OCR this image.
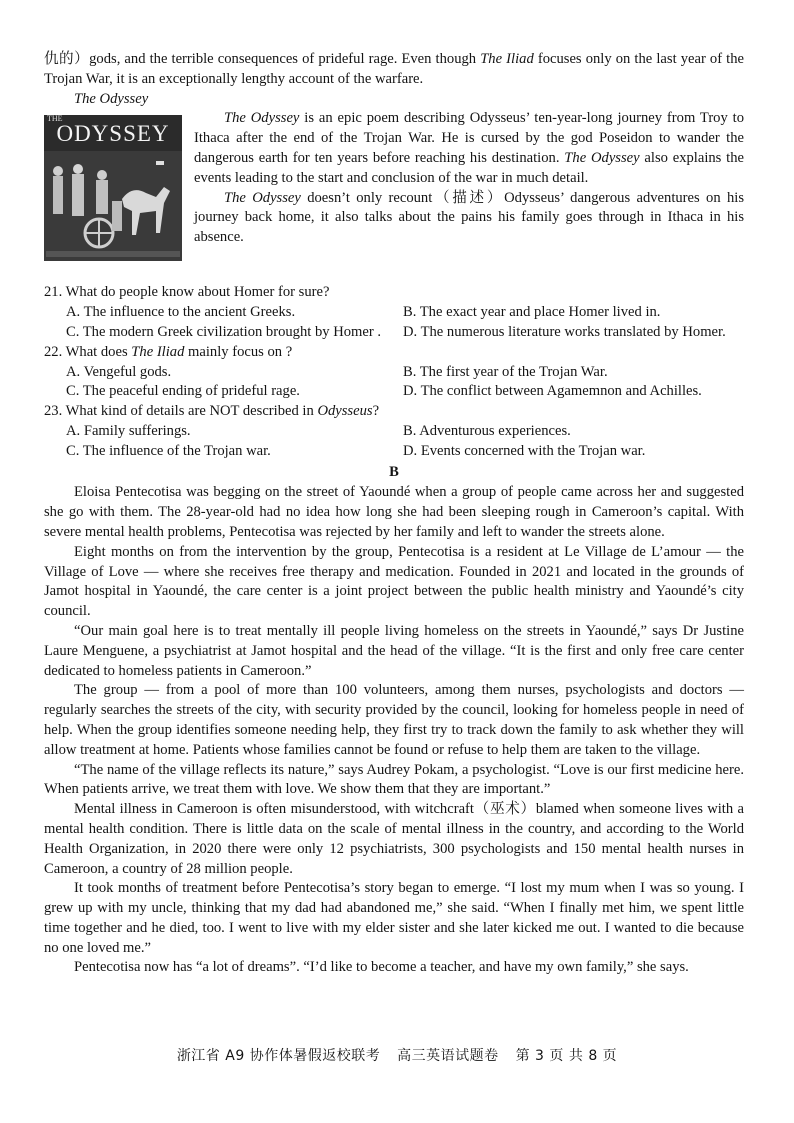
仇的）gods, and the terrible consequences of prideful rage. Even though The Iliad focuses only on the last year of the Trojan War, it is an exceptionally lengthy account of the warfare.

The Odyssey

ODYSSEY
THE	The Odyssey is an epic poem describing Odysseus’ ten-year-long journey from Troy to Ithaca after the end of the Trojan War. He is cursed by the god Poseidon to wander the dangerous earth for ten years before reaching his destination. The Odyssey also explains the events leading to the start and conclusion of the war in much detail.

The Odyssey doesn’t only recount（描述）Odysseus’ dangerous adventures on his journey back home, it also talks about the pains his family goes through in Ithaca in his absence.

21. What do people know about Homer for sure?

A. The influence to the ancient Greeks.	B. The exact year and place Homer lived in.
C. The modern Greek civilization brought by Homer .	D. The numerous literature works translated by Homer.

22. What does The Iliad mainly focus on ?

A. Vengeful gods.	B. The first year of the Trojan War.
C. The peaceful ending of prideful rage.	D. The conflict between Agamemnon and Achilles.

23. What kind of details are NOT described in Odysseus?

A. Family sufferings.	B. Adventurous experiences.
C. The influence of the Trojan war.	D. Events concerned with the Trojan war.

B

Eloisa Pentecotisa was begging on the street of Yaoundé when a group of people came across her and suggested she go with them. The 28-year-old had no idea how long she had been sleeping rough in Cameroon’s capital. With severe mental health problems, Pentecotisa was rejected by her family and left to wander the streets alone.

Eight months on from the intervention by the group, Pentecotisa is a resident at Le Village de L’amour — the Village of Love — where she receives free therapy and medication. Founded in 2021 and located in the grounds of Jamot hospital in Yaoundé, the care center is a joint project between the public health ministry and Yaoundé’s city council.

“Our main goal here is to treat mentally ill people living homeless on the streets in Yaoundé,” says Dr Justine Laure Menguene, a psychiatrist at Jamot hospital and the head of the village. “It is the first and only free care center dedicated to homeless patients in Cameroon.”

The group — from a pool of more than 100 volunteers, among them nurses, psychologists and doctors — regularly searches the streets of the city, with security provided by the council, looking for homeless people in need of help. When the group identifies someone needing help, they first try to track down the family to ask whether they will allow treatment at home. Patients whose families cannot be found or refuse to help them are taken to the village.

“The name of the village reflects its nature,” says Audrey Pokam, a psychologist. “Love is our first medicine here. When patients arrive, we treat them with love. We show them that they are important.”

Mental illness in Cameroon is often misunderstood, with witchcraft（巫术）blamed when someone lives with a mental health condition. There is little data on the scale of mental illness in the country, and according to the World Health Organization, in 2020 there were only 12 psychiatrists, 300 psychologists and 150 mental health nurses in Cameroon, a country of 28 million people.

It took months of treatment before Pentecotisa’s story began to emerge. “I lost my mum when I was so young. I grew up with my uncle, thinking that my dad had abandoned me,” she said. “When I finally met him, we spent little time together and he died, too. I went to live with my elder sister and she later kicked me out. I wanted to die because no one loved me.”

Pentecotisa now has “a lot of dreams”. “I’d like to become a teacher, and have my own family,” she says.

浙江省 A9 协作体暑假返校联考 高三英语试题卷 第 3 页 共 8 页
